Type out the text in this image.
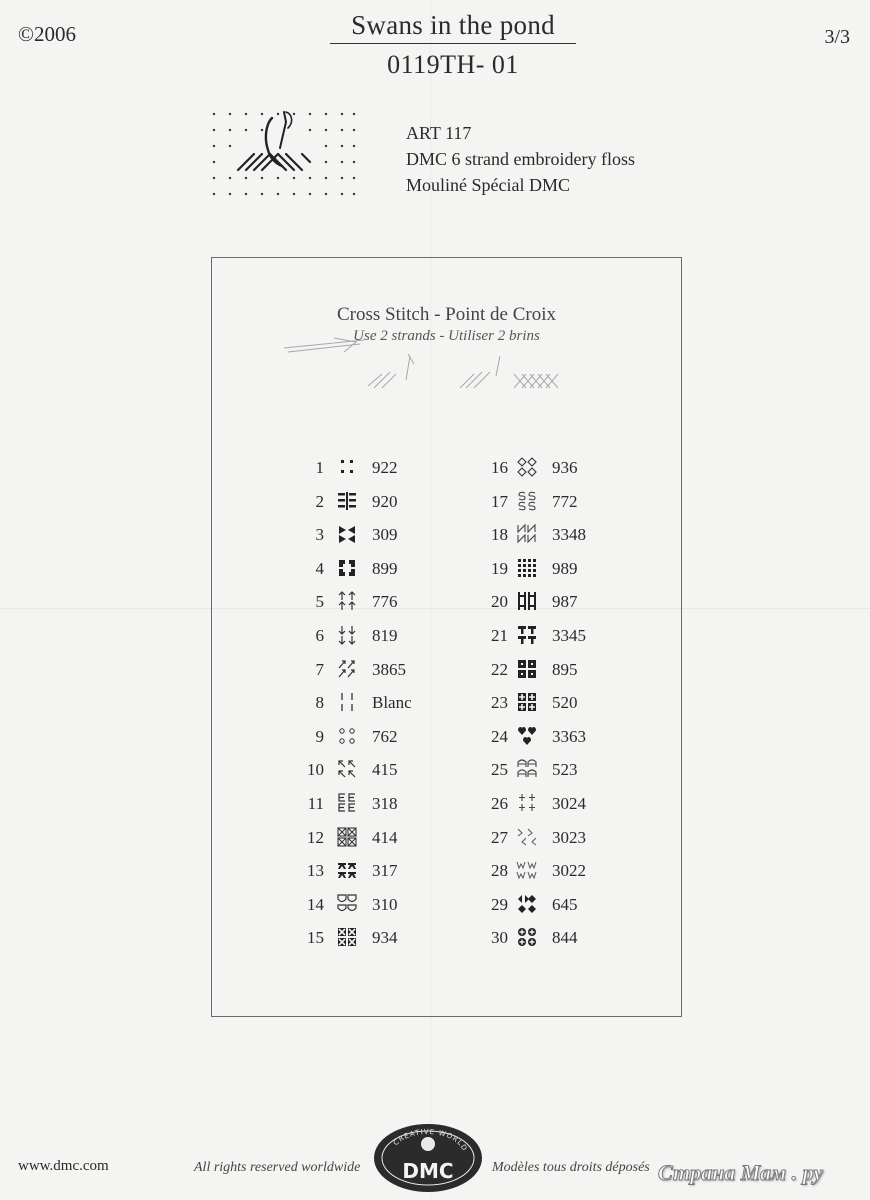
©2006	3/3
Swans in the pond
0119TH- 01
ART 117
DMC 6 strand embroidery floss
Mouliné Spécial DMC
Cross Stitch - Point de Croix
Use 2 strands - Utiliser 2 brins
1	922
2	920
3	309
4	899
5	776
6	819
7	3865
8	Blanc
9	762
10	415
11	318
12	414
13	317
14	310
15	934
16	936
17	772
18	3348
19	989
20	987
21	3345
22	895
23	520
24	3363
25	523
26	3024
27	3023
28	3022
29	645
30	844
www.dmc.com	All rights reserved worldwide	Modèles tous droits déposés
CREATIVE WORLD
DMC	Страна Мам . ру
